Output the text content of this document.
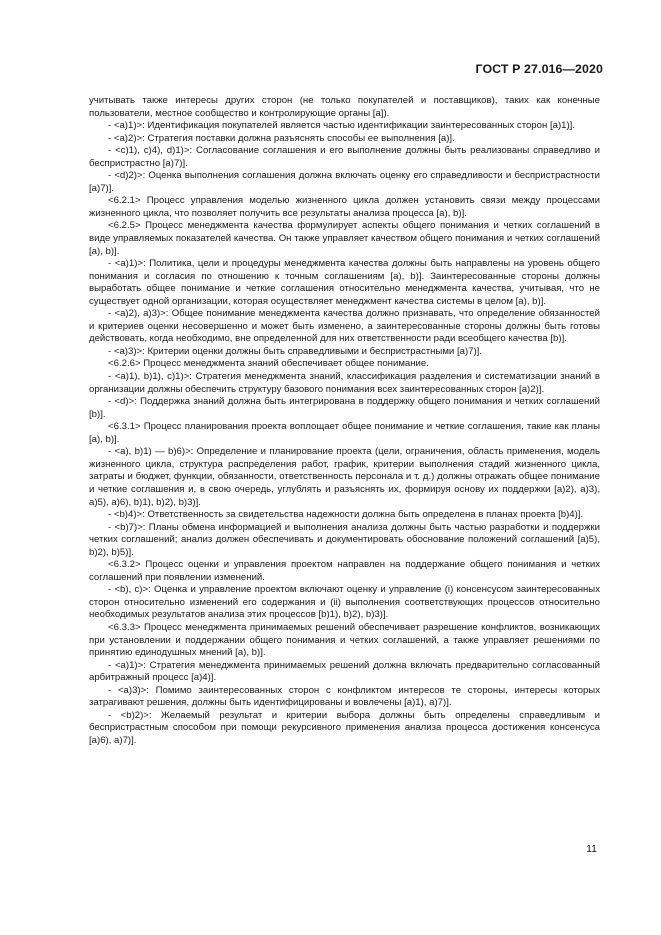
ГОСТ Р 27.016—2020

учитывать также интересы других сторон (не только покупателей и поставщиков), таких как конечные пользователи, местное сообщество и контролирующие органы [а]).

- <a)1)>: Идентификация покупателей является частью идентификации заинтересованных сторон [а)1)].

- <a)2)>: Стратегия поставки должна разъяснять способы ее выполнения [а)].

- <c)1), c)4), d)1)>: Согласование соглашения и его выполнение должны быть реализованы справедливо и беспристрастно [а)7)].

- <d)2)>: Оценка выполнения соглашения должна включать оценку его справедливости и беспристрастности [а)7)].

<6.2.1> Процесс управления моделью жизненного цикла должен установить связи между процессами жизненного цикла, что позволяет получить все результаты анализа процесса [а), b)].

<6.2.5> Процесс менеджмента качества формулирует аспекты общего понимания и четких соглашений в виде управляемых показателей качества. Он также управляет качеством общего понимания и четких соглашений [а), b)].

- <a)1)>: Политика, цели и процедуры менеджмента качества должны быть направлены на уровень общего понимания и согласия по отношению к точным соглашениям [а), b)]. Заинтересованные стороны должны выработать общее понимание и четкие соглашения относительно менеджмента качества, учитывая, что не существует одной организации, которая осуществляет менеджмент качества системы в целом [а), b)].

- <a)2), a)3)>: Общее понимание менеджмента качества должно признавать, что определение обязанностей и критериев оценки несовершенно и может быть изменено, а заинтересованные стороны должны быть готовы действовать, когда необходимо, вне определенной для них ответственности ради всеобщего качества [b)].

- <a)3)>: Критерии оценки должны быть справедливыми и беспристрастными [а)7)].

<6.2.6> Процесс менеджмента знаний обеспечивает общее понимание.

- <a)1), b)1), c)1)>: Стратегия менеджмента знаний, классификация разделения и систематизации знаний в организации должны обеспечить структуру базового понимания всех заинтересованных сторон [а)2)].

- <d)>: Поддержка знаний должна быть интегрирована в поддержку общего понимания и четких соглашений [b)].

<6.3.1> Процесс планирования проекта воплощает общее понимание и четкие соглашения, такие как планы [а), b)].

- <a), b)1) — b)6)>: Определение и планирование проекта (цели, ограничения, область применения, модель жизненного цикла, структура распределения работ, график, критерии выполнения стадий жизненного цикла, затраты и бюджет, функции, обязанности, ответственность персонала и т. д.) должны отражать общее понимание и четкие соглашения и, в свою очередь, углублять и разъяснять их, формируя основу их поддержки [а)2), а)3), а)5), а)6), b)1), b)2), b)3)].

- <b)4)>: Ответственность за свидетельства надежности должна быть определена в планах проекта [b)4)].

- <b)7)>: Планы обмена информацией и выполнения анализа должны быть частью разработки и поддержки четких соглашений; анализ должен обеспечивать и документировать обоснование положений соглашений [а)5), b)2), b)5)].

<6.3.2> Процесс оценки и управления проектом направлен на поддержание общего понимания и четких соглашений при появлении изменений.

- <b), c)>: Оценка и управление проектом включают оценку и управление (i) консенсусом заинтересованных сторон относительно изменений его содержания и (ii) выполнения соответствующих процессов относительно необходимых результатов анализа этих процессов [b)1), b)2), b)3)].

<6.3.3> Процесс менеджмента принимаемых решений обеспечивает разрешение конфликтов, возникающих при установлении и поддержании общего понимания и четких соглашений, а также управляет решениями по принятию единодушных мнений [а), b)].

- <a)1)>: Стратегия менеджмента принимаемых решений должна включать предварительно согласованный арбитражный процесс [а)4)].

- <a)3)>: Помимо заинтересованных сторон с конфликтом интересов те стороны, интересы которых затрагивают решения, должны быть идентифицированы и вовлечены [а)1), а)7)].

- <b)2)>: Желаемый результат и критерии выбора должны быть определены справедливым и беспристрастным способом при помощи рекурсивного применения анализа процесса достижения консенсуса [а)6), а)7)].

11
